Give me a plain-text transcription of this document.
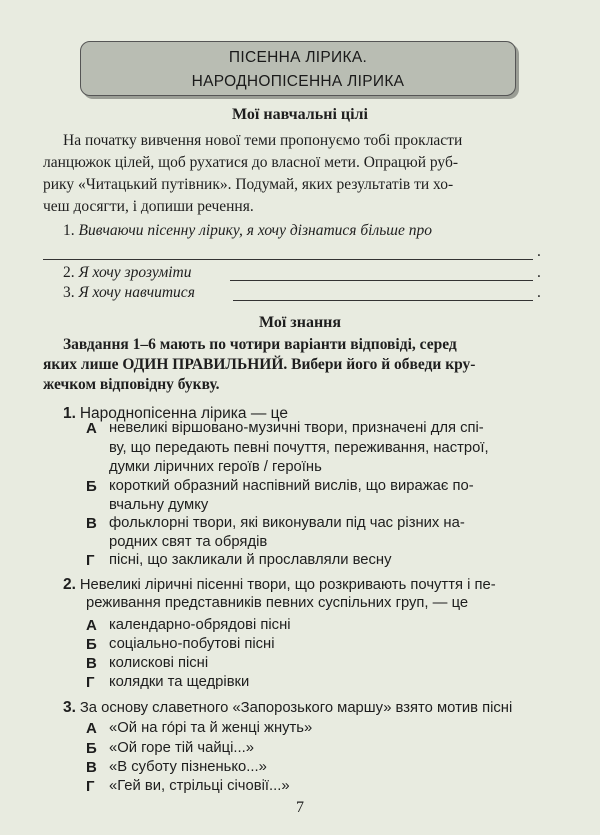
ПІСЕННА ЛІРИКА.
НАРОДНОПІСЕННА ЛІРИКА
Мої навчальні цілі
На початку вивчення нової теми пропонуємо тобі прокласти
ланцюжок цілей, щоб рухатися до власної мети. Опрацюй руб-
рику «Читацький путівник». Подумай, яких результатів ти хо-
чеш досягти, і допиши речення.
1. Вивчаючи пісенну лірику, я хочу дізнатися більше про
.
2. Я хочу зрозуміти	.
3. Я хочу навчитися	.
Мої знання
Завдання 1–6 мають по чотири варіанти відповіді, серед
яких лише ОДИН ПРАВИЛЬНИЙ. Вибери його й обведи кру-
жечком відповідну букву.
1. Народнопісенна лірика — це
А невеликі віршовано-музичні твори, призначені для спі-
ву, що передають певні почуття, переживання, настрої,
думки ліричних героїв / героїнь
Б короткий образний наспівний вислів, що виражає по-
вчальну думку
В фольклорні твори, які виконували під час різних на-
родних свят та обрядів
Г пісні, що закликали й прославляли весну
2. Невеликі ліричні пісенні твори, що розкривають почуття і пе-
реживання представників певних суспільних груп, — це
А календарно-обрядові пісні
Б соціально-побутові пісні
В колискові пісні
Г колядки та щедрівки
3. За основу славетного «Запорозького маршу» взято мотив пісні
А «Ой на го́рі та й женці жнуть»
Б «Ой горе тій чайці...»
В «В суботу пізненько...»
Г «Гей ви, стрільці січовії...»
7
